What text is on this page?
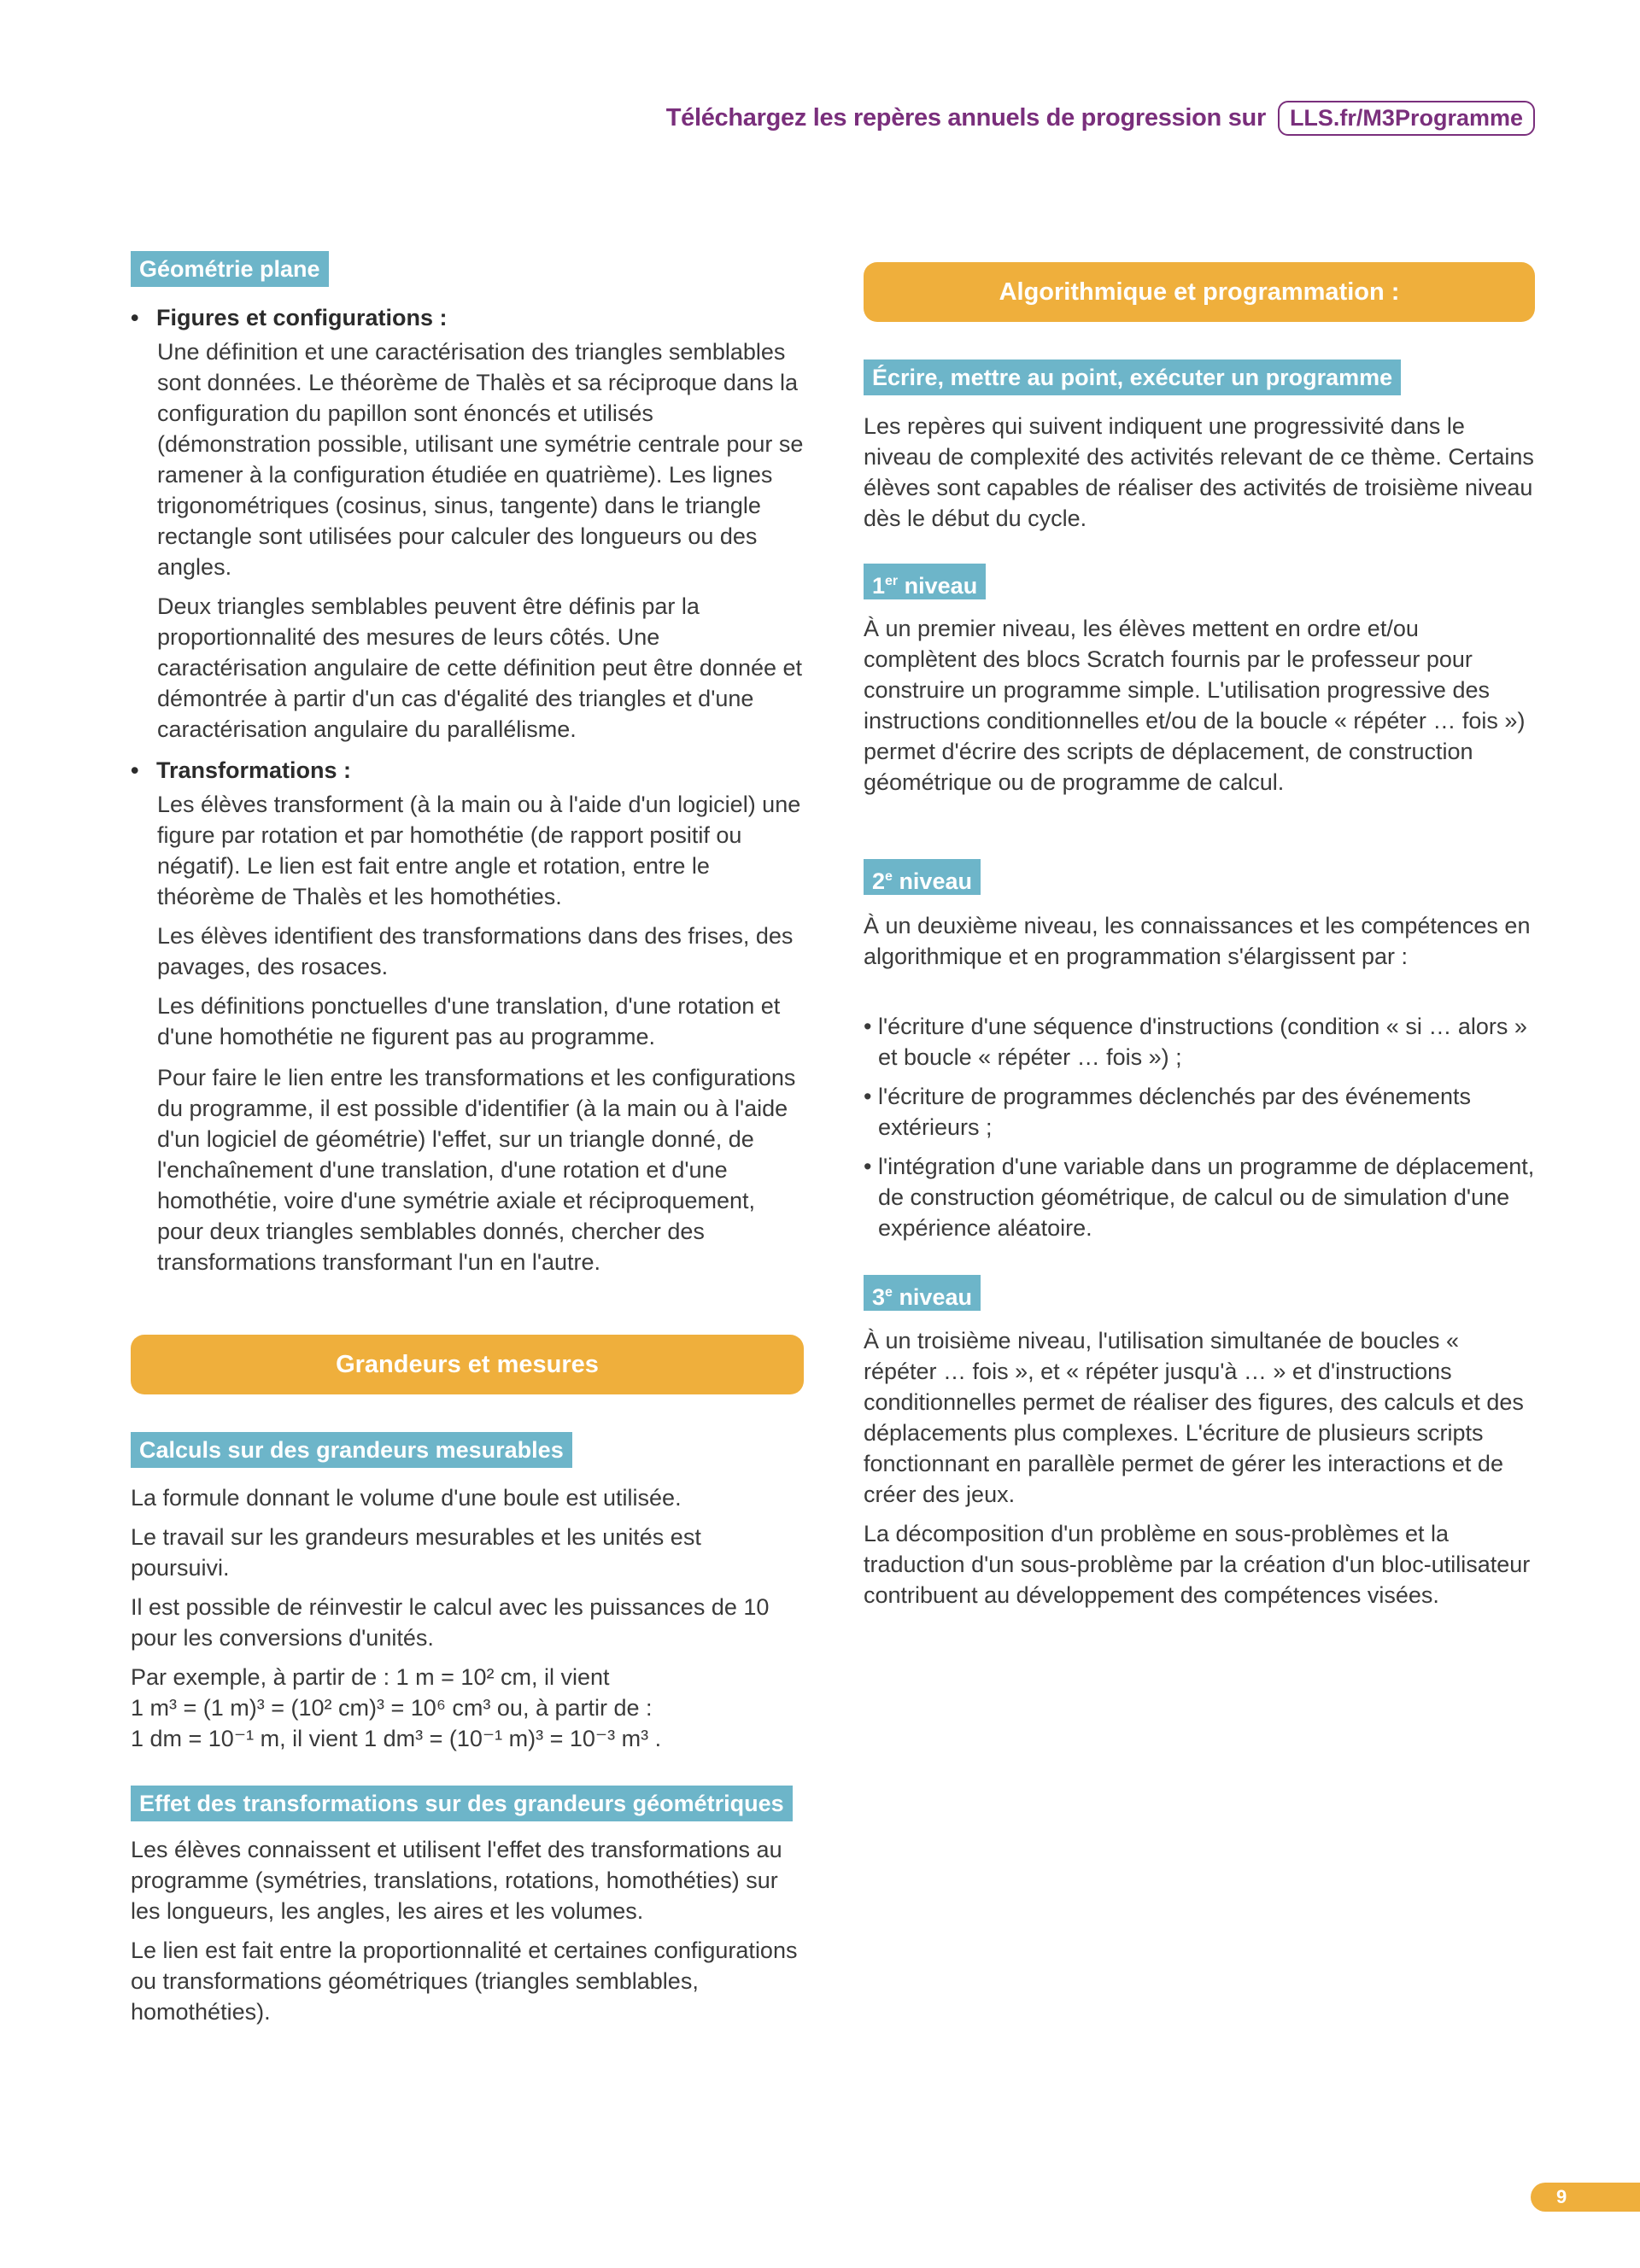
Téléchargez les repères annuels de progression sur	LLS.fr/M3Programme
Géométrie plane
• Figures et configurations :

Une définition et une caractérisation des triangles semblables sont données. Le théorème de Thalès et sa réciproque dans la configuration du papillon sont énoncés et utilisés (démonstration possible, utilisant une symétrie centrale pour se ramener à la configuration étudiée en quatrième). Les lignes trigonométriques (cosinus, sinus, tangente) dans le triangle rectangle sont utilisées pour calculer des longueurs ou des angles.

Deux triangles semblables peuvent être définis par la proportionnalité des mesures de leurs côtés. Une caractérisation angulaire de cette définition peut être donnée et démontrée à partir d'un cas d'égalité des triangles et d'une caractérisation angulaire du parallélisme.

• Transformations :

Les élèves transforment (à la main ou à l'aide d'un logiciel) une figure par rotation et par homothétie (de rapport positif ou négatif). Le lien est fait entre angle et rotation, entre le théorème de Thalès et les homothéties.

Les élèves identifient des transformations dans des frises, des pavages, des rosaces.

Les définitions ponctuelles d'une translation, d'une rotation et d'une homothétie ne figurent pas au programme.

Pour faire le lien entre les transformations et les configurations du programme, il est possible d'identifier (à la main ou à l'aide d'un logiciel de géométrie) l'effet, sur un triangle donné, de l'enchaînement d'une translation, d'une rotation et d'une homothétie, voire d'une symétrie axiale et réciproquement, pour deux triangles semblables donnés, chercher des transformations transformant l'un en l'autre.

Grandeurs et mesures
Calculs sur des grandeurs mesurables

La formule donnant le volume d'une boule est utilisée.

Le travail sur les grandeurs mesurables et les unités est poursuivi.

Il est possible de réinvestir le calcul avec les puissances de 10 pour les conversions d'unités.

Par exemple, à partir de : 1 m = 10² cm, il vient

1 m³ = (1 m)³ = (10² cm)³ = 10⁶ cm³ ou, à partir de :

1 dm = 10⁻¹ m, il vient 1 dm³ = (10⁻¹ m)³ = 10⁻³ m³ .

Effet des transformations sur des grandeurs géométriques

Les élèves connaissent et utilisent l'effet des transformations au programme (symétries, translations, rotations, homothéties) sur les longueurs, les angles, les aires et les volumes.

Le lien est fait entre la proportionnalité et certaines configurations ou transformations géométriques (triangles semblables, homothéties).

Algorithmique et programmation :
Écrire, mettre au point, exécuter un programme

Les repères qui suivent indiquent une progressivité dans le niveau de complexité des activités relevant de ce thème. Certains élèves sont capables de réaliser des activités de troisième niveau dès le début du cycle.

1er niveau

À un premier niveau, les élèves mettent en ordre et/ou complètent des blocs Scratch fournis par le professeur pour construire un programme simple. L'utilisation progressive des instructions conditionnelles et/ou de la boucle « répéter … fois ») permet d'écrire des scripts de déplacement, de construction géométrique ou de programme de calcul.

2e niveau

À un deuxième niveau, les connaissances et les compétences en algorithmique et en programmation s'élargissent par :

• l'écriture d'une séquence d'instructions (condition « si … alors » et boucle « répéter … fois ») ;
• l'écriture de programmes déclenchés par des événements extérieurs ;
• l'intégration d'une variable dans un programme de déplacement, de construction géométrique, de calcul ou de simulation d'une expérience aléatoire.
3e niveau

À un troisième niveau, l'utilisation simultanée de boucles « répéter … fois », et « répéter jusqu'à … » et d'instructions conditionnelles permet de réaliser des figures, des calculs et des déplacements plus complexes. L'écriture de plusieurs scripts fonctionnant en parallèle permet de gérer les interactions et de créer des jeux.

La décomposition d'un problème en sous-problèmes et la traduction d'un sous-problème par la création d'un bloc-utilisateur contribuent au développement des compétences visées.

9
